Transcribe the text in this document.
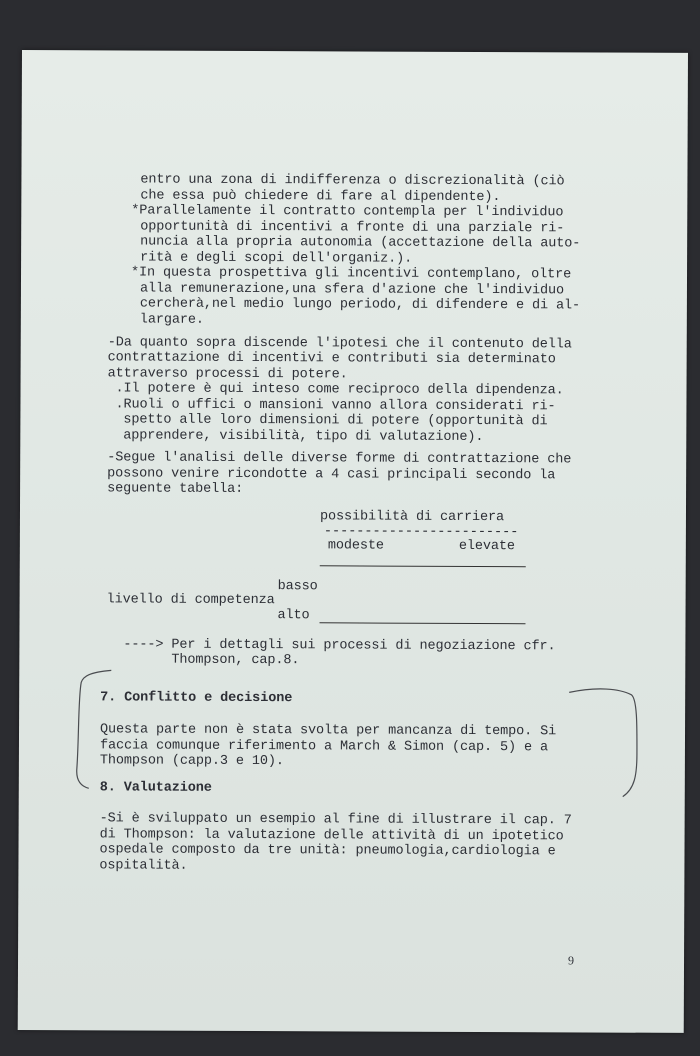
entro una zona di indifferenza o discrezionalità (ciò

che essa può chiedere di fare al dipendente).

*Parallelamente il contratto contempla per l'individuo

opportunità di incentivi a fronte di una parziale ri-

nuncia alla propria autonomia (accettazione della auto-

rità e degli scopi dell'organiz.).

*In questa prospettiva gli incentivi contemplano, oltre

alla remunerazione,una sfera d'azione che l'individuo

cercherà,nel medio lungo periodo, di difendere e di al-

largare.

-Da quanto sopra discende l'ipotesi che il contenuto della

contrattazione di incentivi e contributi sia determinato

attraverso processi di potere.

.Il potere è qui inteso come reciproco della dipendenza.

.Ruoli o uffici o mansioni vanno allora considerati ri-

spetto alle loro dimensioni di potere (opportunità di

apprendere, visibilità, tipo di valutazione).

-Segue l'analisi delle diverse forme di contrattazione che

possono venire ricondotte a 4 casi principali secondo la

seguente tabella:

possibilità di carriera

------------------------

modeste	elevate

basso

livello di competenza

alto

----> Per i dettagli sui processi di negoziazione cfr.

Thompson, cap.8.

7. Conflitto e decisione

Questa parte non è stata svolta per mancanza di tempo. Si

faccia comunque riferimento a March & Simon (cap. 5) e a

Thompson (capp.3 e 10).

8. Valutazione

-Si è sviluppato un esempio al fine di illustrare il cap. 7

di Thompson: la valutazione delle attività di un ipotetico

ospedale composto da tre unità: pneumologia,cardiologia e

ospitalità.

9
